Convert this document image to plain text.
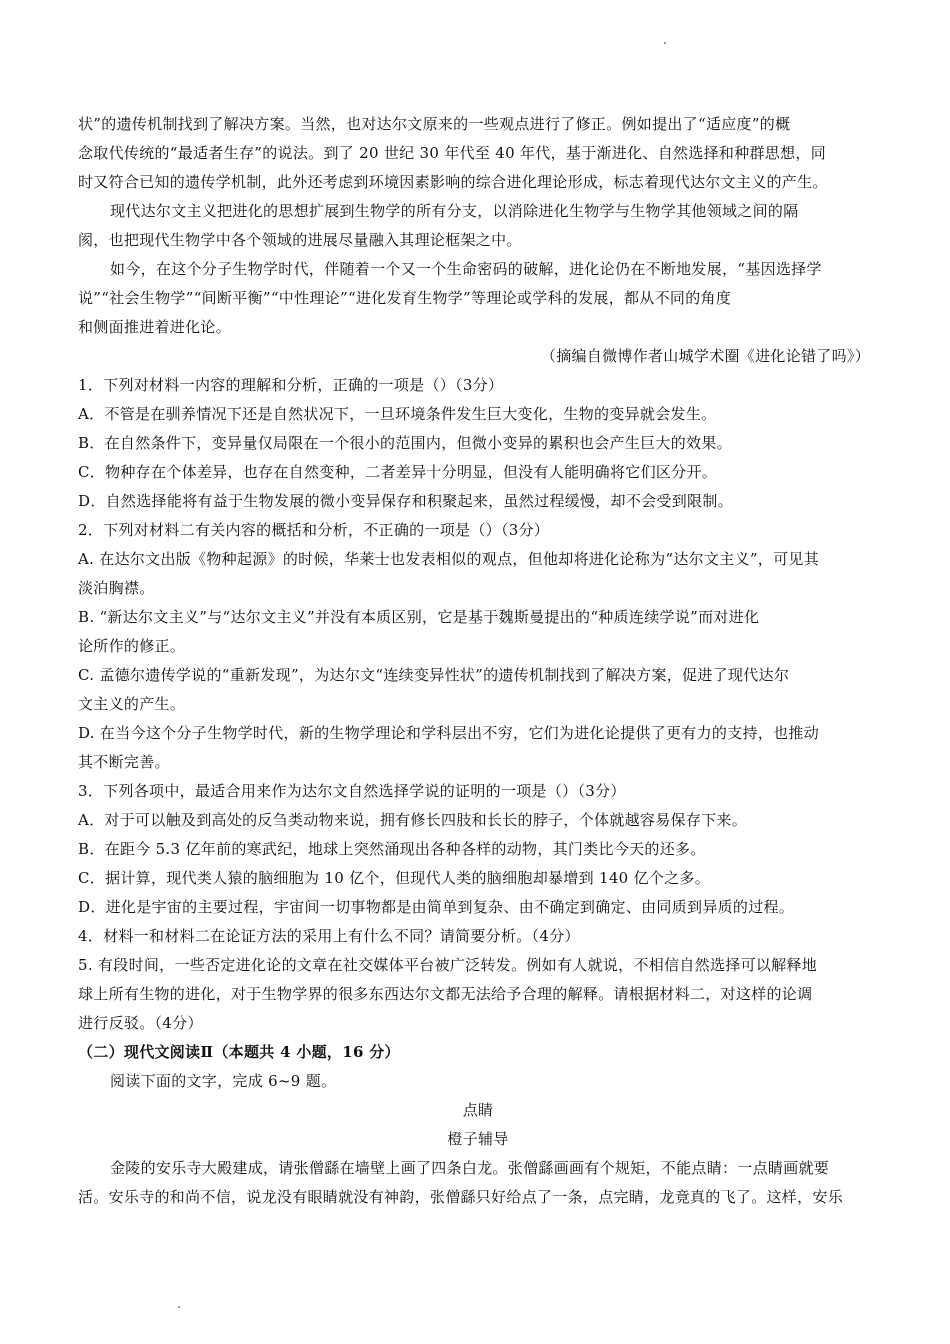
状”的遗传机制找到了解决方案。当然，也对达尔文原来的一些观点进行了修正。例如提出了“适应度”的概
念取代传统的“最适者生存”的说法。到了 20 世纪 30 年代至 40 年代，基于渐进化、自然选择和种群思想，同
时又符合已知的遗传学机制，此外还考虑到环境因素影响的综合进化理论形成，标志着现代达尔文主义的产生。
现代达尔文主义把进化的思想扩展到生物学的所有分支，以消除进化生物学与生物学其他领域之间的隔
阂，也把现代生物学中各个领域的进展尽量融入其理论框架之中。
如今，在这个分子生物学时代，伴随着一个又一个生命密码的破解，进化论仍在不断地发展，“基因选择学
说”“社会生物学”“间断平衡”“中性理论”“进化发育生物学”等理论或学科的发展，都从不同的角度
和侧面推进着进化论。
（摘编自微博作者山城学术圈《进化论错了吗》）
1．下列对材料一内容的理解和分析，正确的一项是（）（3分）
A．不管是在驯养情况下还是自然状况下，一旦环境条件发生巨大变化，生物的变异就会发生。
B．在自然条件下，变异量仅局限在一个很小的范围内，但微小变异的累积也会产生巨大的效果。
C．物种存在个体差异，也存在自然变种，二者差异十分明显，但没有人能明确将它们区分开。
D．自然选择能将有益于生物发展的微小变异保存和积聚起来，虽然过程缓慢，却不会受到限制。
2．下列对材料二有关内容的概括和分析，不正确的一项是（）（3分）
A. 在达尔文出版《物种起源》的时候，华莱士也发表相似的观点，但他却将进化论称为“达尔文主义”，可见其
淡泊胸襟。
B. “新达尔文主义”与“达尔文主义”并没有本质区别，它是基于魏斯曼提出的“种质连续学说”而对进化
论所作的修正。
C. 孟德尔遗传学说的“重新发现”，为达尔文“连续变异性状”的遗传机制找到了解决方案，促进了现代达尔
文主义的产生。
D. 在当今这个分子生物学时代，新的生物学理论和学科层出不穷，它们为进化论提供了更有力的支持，也推动
其不断完善。
3．下列各项中，最适合用来作为达尔文自然选择学说的证明的一项是（）（3分）
A．对于可以触及到高处的反刍类动物来说，拥有修长四肢和长长的脖子，个体就越容易保存下来。
B．在距今 5.3 亿年前的寒武纪，地球上突然涌现出各种各样的动物，其门类比今天的还多。
C．据计算，现代类人猿的脑细胞为 10 亿个，但现代人类的脑细胞却暴增到 140 亿个之多。
D．进化是宇宙的主要过程，宇宙间一切事物都是由简单到复杂、由不确定到确定、由同质到异质的过程。
4．材料一和材料二在论证方法的采用上有什么不同？请简要分析。（4分）
5. 有段时间，一些否定进化论的文章在社交媒体平台被广泛转发。例如有人就说，不相信自然选择可以解释地
球上所有生物的进化，对于生物学界的很多东西达尔文都无法给予合理的解释。请根据材料二，对这样的论调
进行反驳。（4分）
（二）现代文阅读Ⅱ（本题共 4 小题，16 分）
阅读下面的文字，完成 6~9 题。
点睛
橙子辅导
金陵的安乐寺大殿建成，请张僧繇在墙壁上画了四条白龙。张僧繇画画有个规矩，不能点睛：一点睛画就要
活。安乐寺的和尚不信，说龙没有眼睛就没有神韵，张僧繇只好给点了一条，点完睛，龙竟真的飞了。这样，安乐
